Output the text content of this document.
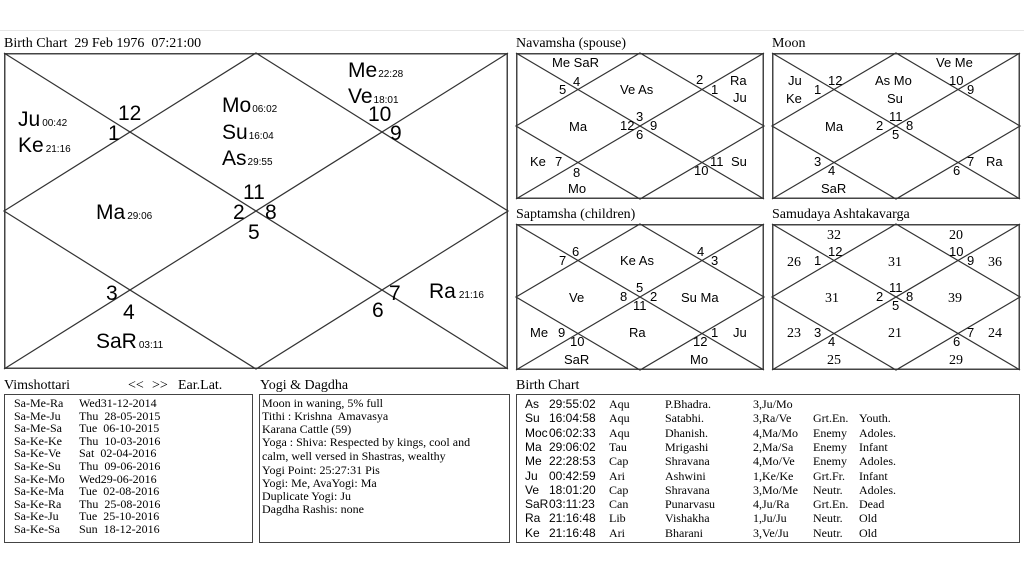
Birth Chart  29 Feb 1976  07:21:00	Navamsha (spouse)	Moon
Saptamsha (children)	Samudaya Ashtakavarga
Vimshottari	<< >> Ear.Lat.	Yogi & Dagdha	Birth Chart
12
1
10
9
11
2 8
5
3
4
7
6
Me22:28
Ve18:01
Ju 00:42
Ke 21:16
Mo06:02
Su16:04
As29:55
Ma 29:06
Ra 21:16
SaR 03:11
4
5
2
1
3
12 9
6
8
7
10
11
Me SaR
Ve As
Ra
Ju
Ma
Ke
Mo
Su
12
1
10
9
11
2 8
5
3
4
7
6
Ve Me
Ju
Ke
As Mo
Su
Ma
Ra
SaR
6
7
4
3
5
8 2
11
9
10
1
12
Ke As
Ve	Su Ma
Me	Ra	Ju
SaR	Mo
12
1
10
9
11
2 8
5
3
4
7
6
32	20
26	31	36
31	39
23	21	24
25	29
Sa-Me-Ra Wed31-12-2014
Sa-Me-Ju Thu  28-05-2015
Sa-Me-Sa Tue  06-10-2015
Sa-Ke-Ke Thu  10-03-2016
Sa-Ke-Ve Sat  02-04-2016
Sa-Ke-Su Thu  09-06-2016
Sa-Ke-Mo Wed29-06-2016
Sa-Ke-Ma Tue  02-08-2016
Sa-Ke-Ra Thu  25-08-2016
Sa-Ke-Ju Tue  25-10-2016
Sa-Ke-Sa Sun  18-12-2016
Moon in waning, 5% full
Tithi : Krishna  Amavasya
Karana Cattle (59)
Yoga : Shiva: Respected by kings, cool and
calm, well versed in Shastras, wealthy
Yogi Point: 25:27:31 Pis
Yogi: Me, AvaYogi: Ma
Duplicate Yogi: Ju
Dagdha Rashis: none
As 29:55:02 Aqu	P.Bhadra.	3,Ju/Mo
Su 16:04:58 Aqu	Satabhi.	3,Ra/Ve Grt.En. Youth.
Moc 06:02:33 Aqu	Dhanish.	4,Ma/Mo Enemy Adoles.
Ma 29:06:02 Tau	Mrigashi	2,Ma/Sa Enemy Infant
Me 22:28:53 Cap	Shravana	4,Mo/Ve Enemy Adoles.
Ju 00:42:59 Ari	Ashwini	1,Ke/Ke Grt.Fr. Infant
Ve 18:01:20 Cap	Shravana	3,Mo/Me Neutr. Adoles.
SaR 03:11:23 Can	Punarvasu	4,Ju/Ra Grt.En. Dead
Ra 21:16:48 Lib	Vishakha	1,Ju/Ju Neutr. Old
Ke 21:16:48 Ari	Bharani	3,Ve/Ju Neutr. Old
